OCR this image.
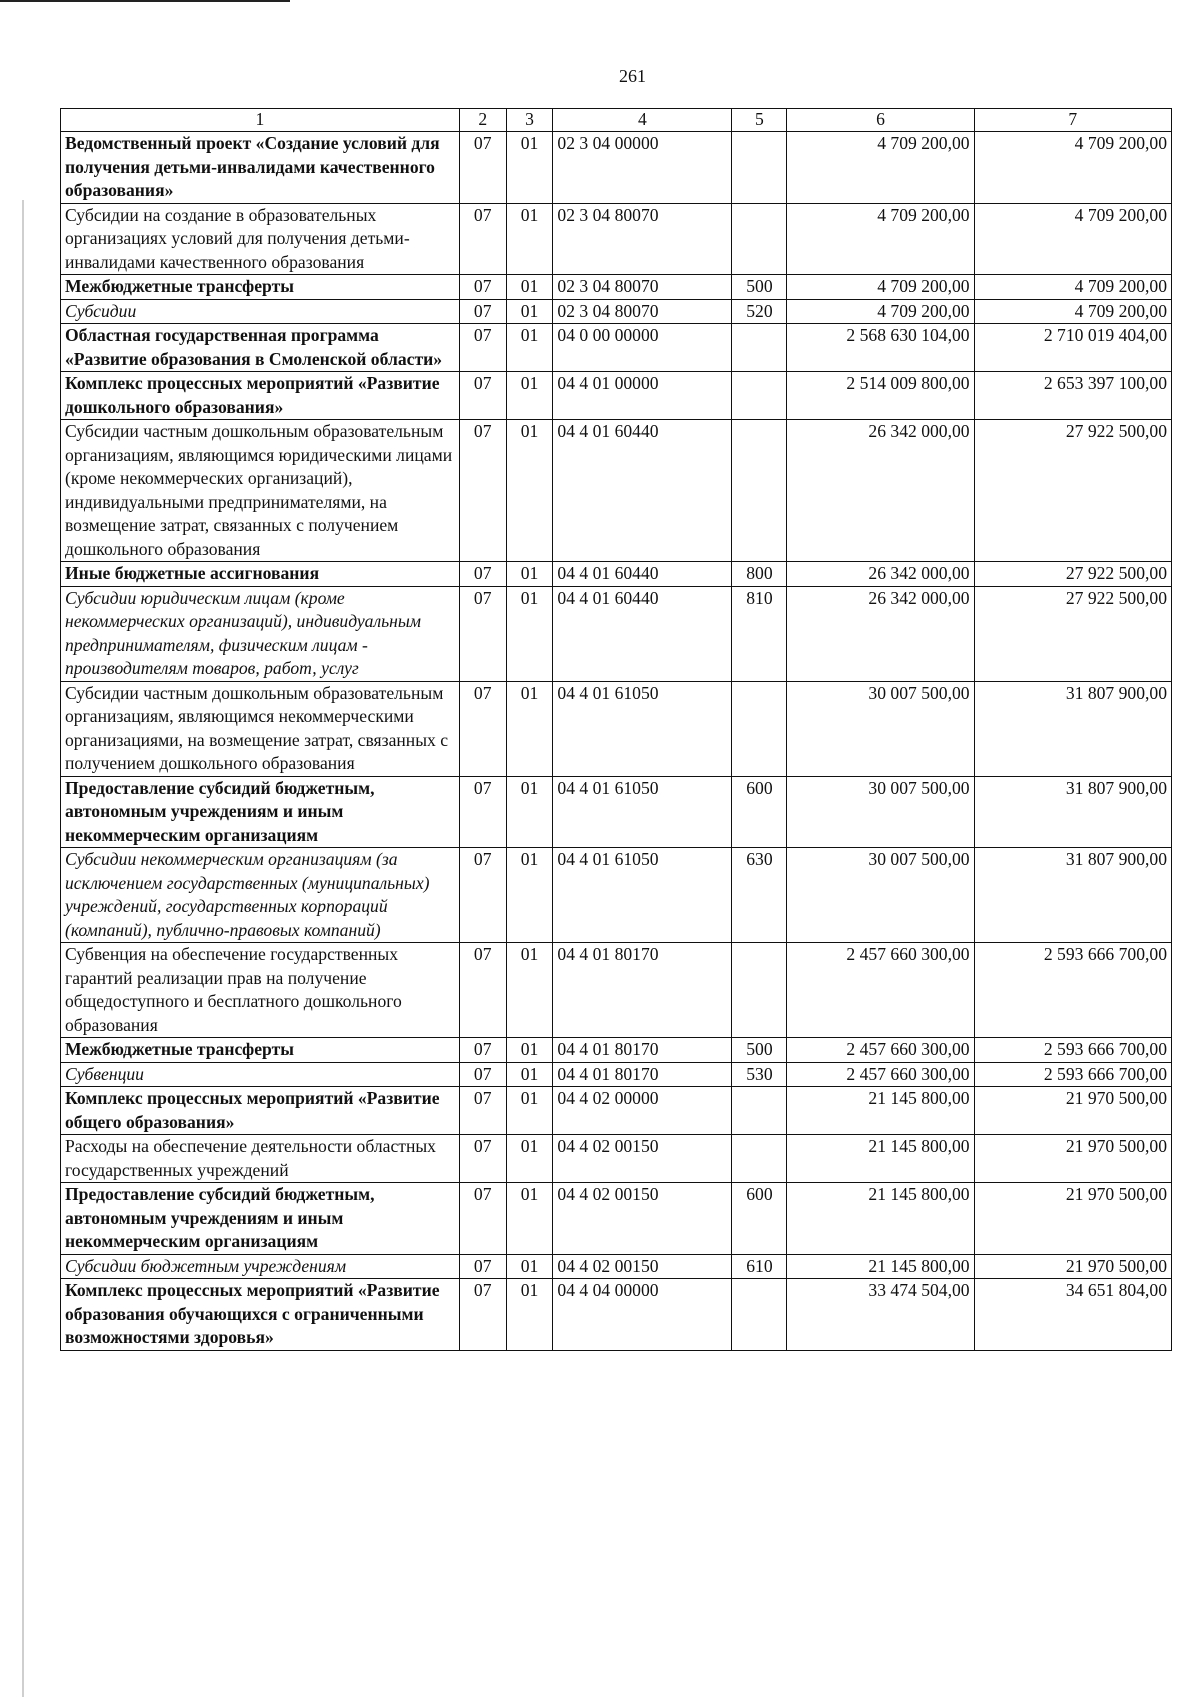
261
1	2	3	4	5	6	7
Ведомственный проект «Создание условий для получения детьми-инвалидами качественного образования»	07	01	02 3 04 00000		4 709 200,00	4 709 200,00
Субсидии на создание в образовательных организациях условий для получения детьми-инвалидами качественного образования	07	01	02 3 04 80070		4 709 200,00	4 709 200,00
Межбюджетные трансферты	07	01	02 3 04 80070	500	4 709 200,00	4 709 200,00
Субсидии	07	01	02 3 04 80070	520	4 709 200,00	4 709 200,00
Областная государственная программа «Развитие образования в Смоленской области»	07	01	04 0 00 00000		2 568 630 104,00	2 710 019 404,00
Комплекс процессных мероприятий «Развитие дошкольного образования»	07	01	04 4 01 00000		2 514 009 800,00	2 653 397 100,00
Субсидии частным дошкольным образовательным организациям, являющимся юридическими лицами (кроме некоммерческих организаций), индивидуальными предпринимателями, на возмещение затрат, связанных с получением дошкольного образования	07	01	04 4 01 60440		26 342 000,00	27 922 500,00
Иные бюджетные ассигнования	07	01	04 4 01 60440	800	26 342 000,00	27 922 500,00
Субсидии юридическим лицам (кроме некоммерческих организаций), индивидуальным предпринимателям, физическим лицам - производителям товаров, работ, услуг	07	01	04 4 01 60440	810	26 342 000,00	27 922 500,00
Субсидии частным дошкольным образовательным организациям, являющимся некоммерческими организациями, на возмещение затрат, связанных с получением дошкольного образования	07	01	04 4 01 61050		30 007 500,00	31 807 900,00
Предоставление субсидий бюджетным, автономным учреждениям и иным некоммерческим организациям	07	01	04 4 01 61050	600	30 007 500,00	31 807 900,00
Субсидии некоммерческим организациям (за исключением государственных (муниципальных) учреждений, государственных корпораций (компаний), публично-правовых компаний)	07	01	04 4 01 61050	630	30 007 500,00	31 807 900,00
Субвенция на обеспечение государственных гарантий реализации прав на получение общедоступного и бесплатного дошкольного образования	07	01	04 4 01 80170		2 457 660 300,00	2 593 666 700,00
Межбюджетные трансферты	07	01	04 4 01 80170	500	2 457 660 300,00	2 593 666 700,00
Субвенции	07	01	04 4 01 80170	530	2 457 660 300,00	2 593 666 700,00
Комплекс процессных мероприятий «Развитие общего образования»	07	01	04 4 02 00000		21 145 800,00	21 970 500,00
Расходы на обеспечение деятельности областных государственных учреждений	07	01	04 4 02 00150		21 145 800,00	21 970 500,00
Предоставление субсидий бюджетным, автономным учреждениям и иным некоммерческим организациям	07	01	04 4 02 00150	600	21 145 800,00	21 970 500,00
Субсидии бюджетным учреждениям	07	01	04 4 02 00150	610	21 145 800,00	21 970 500,00
Комплекс процессных мероприятий «Развитие образования обучающихся с ограниченными возможностями здоровья»	07	01	04 4 04 00000		33 474 504,00	34 651 804,00
